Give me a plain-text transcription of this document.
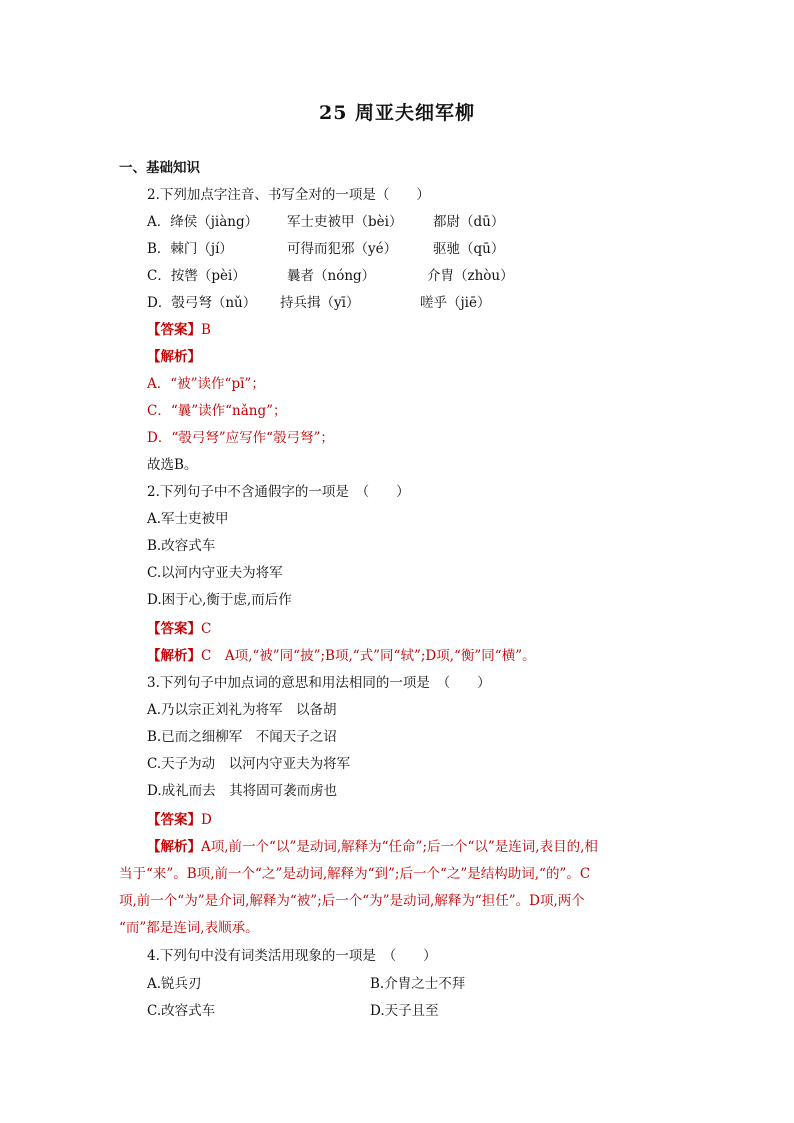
25 周亚夫细军柳
一、基础知识
2.下列加点字注音、书写全对的一项是（　　）
A．绛侯（jiàng） 军士吏被甲（bèi） 都尉（dū）
B．棘门（jí）	可得而犯邪（yé）	驱驰（qū）
C．按辔（pèi）	曩者（nóng）	介胄（zhòu）
D．彀弓弩（nǔ） 持兵揖（yī）	嗟乎（jiē）
【答案】B
【解析】
A．“被”读作“pī”；
C．“曩”读作“nǎng”；
D．“彀弓弩”应写作“彀弓弩”；
故选B。
2.下列句子中不含通假字的一项是　（　　）
A.军士吏被甲
B.改容式车
C.以河内守亚夫为将军
D.困于心,衡于虑,而后作
【答案】C
【解析】C　A项,“被”同“披”;B项,“式”同“轼”;D项,“衡”同“横”。
3.下列句子中加点词的意思和用法相同的一项是　（　　）
A.乃以宗正刘礼为将军　以备胡
B.已而之细柳军　不闻天子之诏
C.天子为动　以河内守亚夫为将军
D.成礼而去　其将固可袭而虏也
【答案】D
【解析】A项,前一个“以”是动词,解释为“任命”;后一个“以”是连词,表目的,相
当于“来”。B项,前一个“之”是动词,解释为“到”;后一个“之”是结构助词,“的”。C
项,前一个“为”是介词,解释为“被”;后一个“为”是动词,解释为“担任”。D项,两个
“而”都是连词,表顺承。
4.下列句中没有词类活用现象的一项是　（　　）
A.锐兵刃	B.介胄之士不拜
C.改容式车	D.天子且至
